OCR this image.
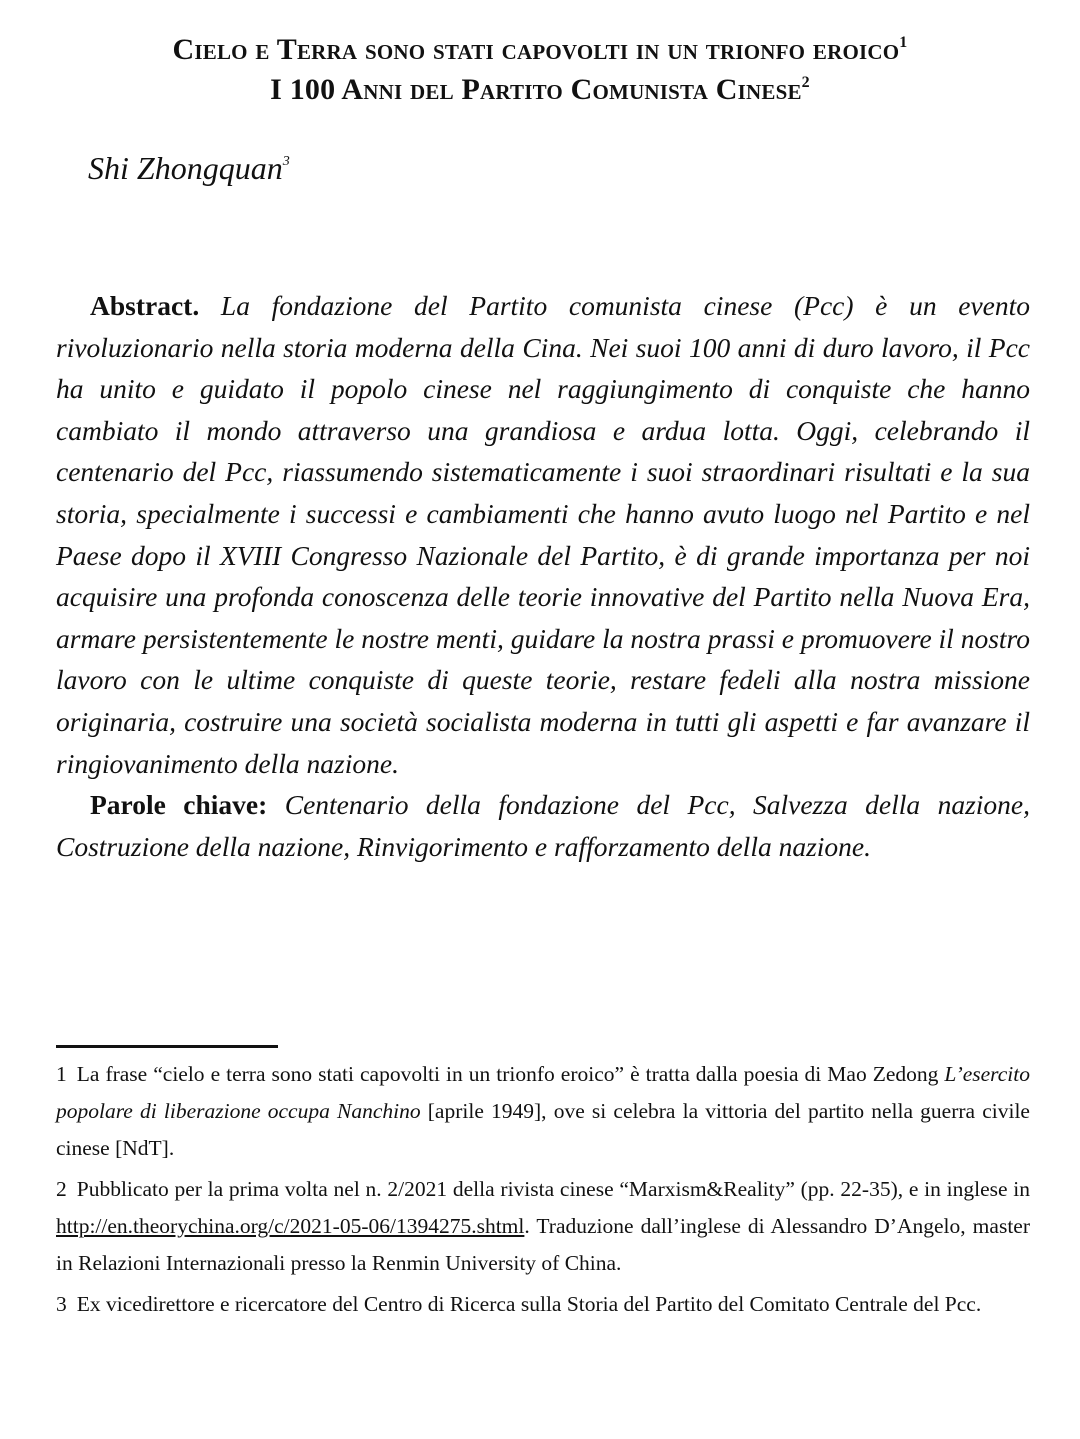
Cielo e Terra sono stati capovolti in un trionfo eroico$^1$
I 100 Anni del Partito Comunista Cinese$^2$
Shi Zhongquan$^3$

Abstract. La fondazione del Partito comunista cinese (Pcc) è un evento rivoluzionario nella storia moderna della Cina. Nei suoi 100 anni di duro lavoro, il Pcc ha unito e guidato il popolo cinese nel raggiungimento di conquiste che hanno cambiato il mondo attraverso una grandiosa e ardua lotta. Oggi, celebrando il centenario del Pcc, riassumendo sistematicamente i suoi straordinari risultati e la sua storia, specialmente i successi e cambiamenti che hanno avuto luogo nel Partito e nel Paese dopo il XVIII Congresso Nazionale del Partito, è di grande importanza per noi acquisire una profonda conoscenza delle teorie innovative del Partito nella Nuova Era, armare persistentemente le nostre menti, guidare la nostra prassi e promuovere il nostro lavoro con le ultime conquiste di queste teorie, restare fedeli alla nostra missione originaria, costruire una società socialista moderna in tutti gli aspetti e far avanzare il ringiovanimento della nazione.

Parole chiave: Centenario della fondazione del Pcc, Salvezza della nazione, Costruzione della nazione, Rinvigorimento e rafforzamento della nazione.

1 La frase “cielo e terra sono stati capovolti in un trionfo eroico” è tratta dalla poesia di Mao Zedong L’esercito popolare di liberazione occupa Nanchino [aprile 1949], ove si celebra la vittoria del partito nella guerra civile cinese [NdT].

2 Pubblicato per la prima volta nel n. 2/2021 della rivista cinese “Marxism&Reality” (pp. 22-35), e in inglese in http://en.theorychina.org/c/2021-05-06/1394275.shtml. Traduzione dall’inglese di Alessandro D’Angelo, master in Relazioni Internazionali presso la Renmin University of China.

3 Ex vicedirettore e ricercatore del Centro di Ricerca sulla Storia del Partito del Comitato Centrale del Pcc.
